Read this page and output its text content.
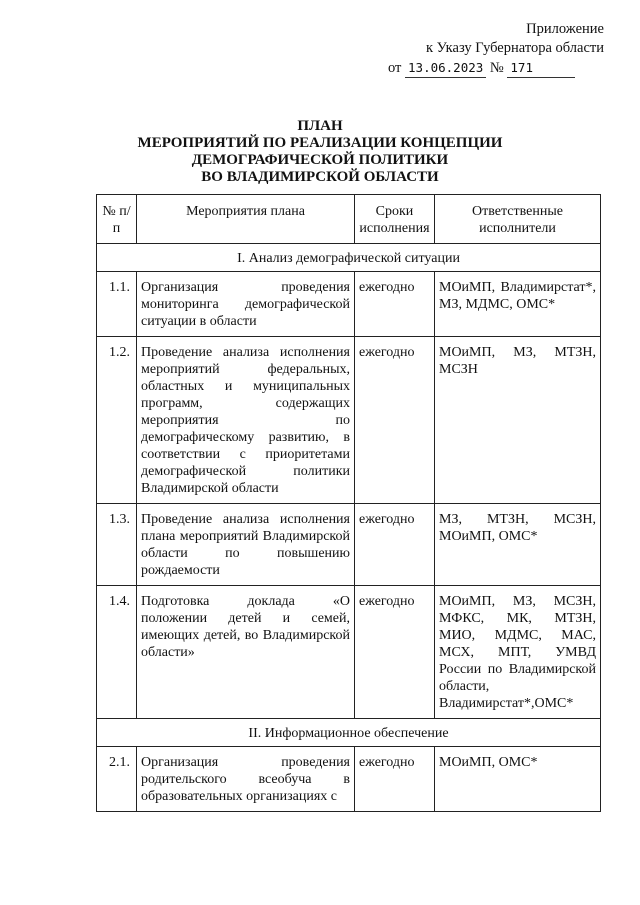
Приложение
к Указу Губернатора области
от 13.06.2023 № 171
ПЛАН
МЕРОПРИЯТИЙ ПО РЕАЛИЗАЦИИ КОНЦЕПЦИИ
ДЕМОГРАФИЧЕСКОЙ ПОЛИТИКИ
ВО ВЛАДИМИРСКОЙ ОБЛАСТИ
№ п/п	Мероприятия плана	Сроки исполнения	Ответственные исполнители
I. Анализ демографической ситуации			
1.1.	Организация проведения мониторинга демографической ситуации в области	ежегодно	МОиМП, Владимирстат*, МЗ, МДМС, ОМС*
1.2.	Проведение анализа исполнения мероприятий федеральных, областных и муниципальных программ, содержащих мероприятия по демографическому развитию, в соответствии с приоритетами демографической политики Владимирской области	ежегодно	МОиМП, МЗ, МТЗН, МСЗН
1.3.	Проведение анализа исполнения плана мероприятий Владимирской области по повышению рождаемости	ежегодно	МЗ, МТЗН, МСЗН, МОиМП, ОМС*
1.4.	Подготовка доклада «О положении детей и семей, имеющих детей, во Владимирской области»	ежегодно	МОиМП, МЗ, МСЗН, МФКС, МК, МТЗН, МИО, МДМС, МАС, МСХ, МПТ, УМВД России по Владимирской области, Владимирстат*,ОМС*
II. Информационное обеспечение			
2.1.	Организация проведения родительского всеобуча в образовательных организациях с	ежегодно	МОиМП, ОМС*
